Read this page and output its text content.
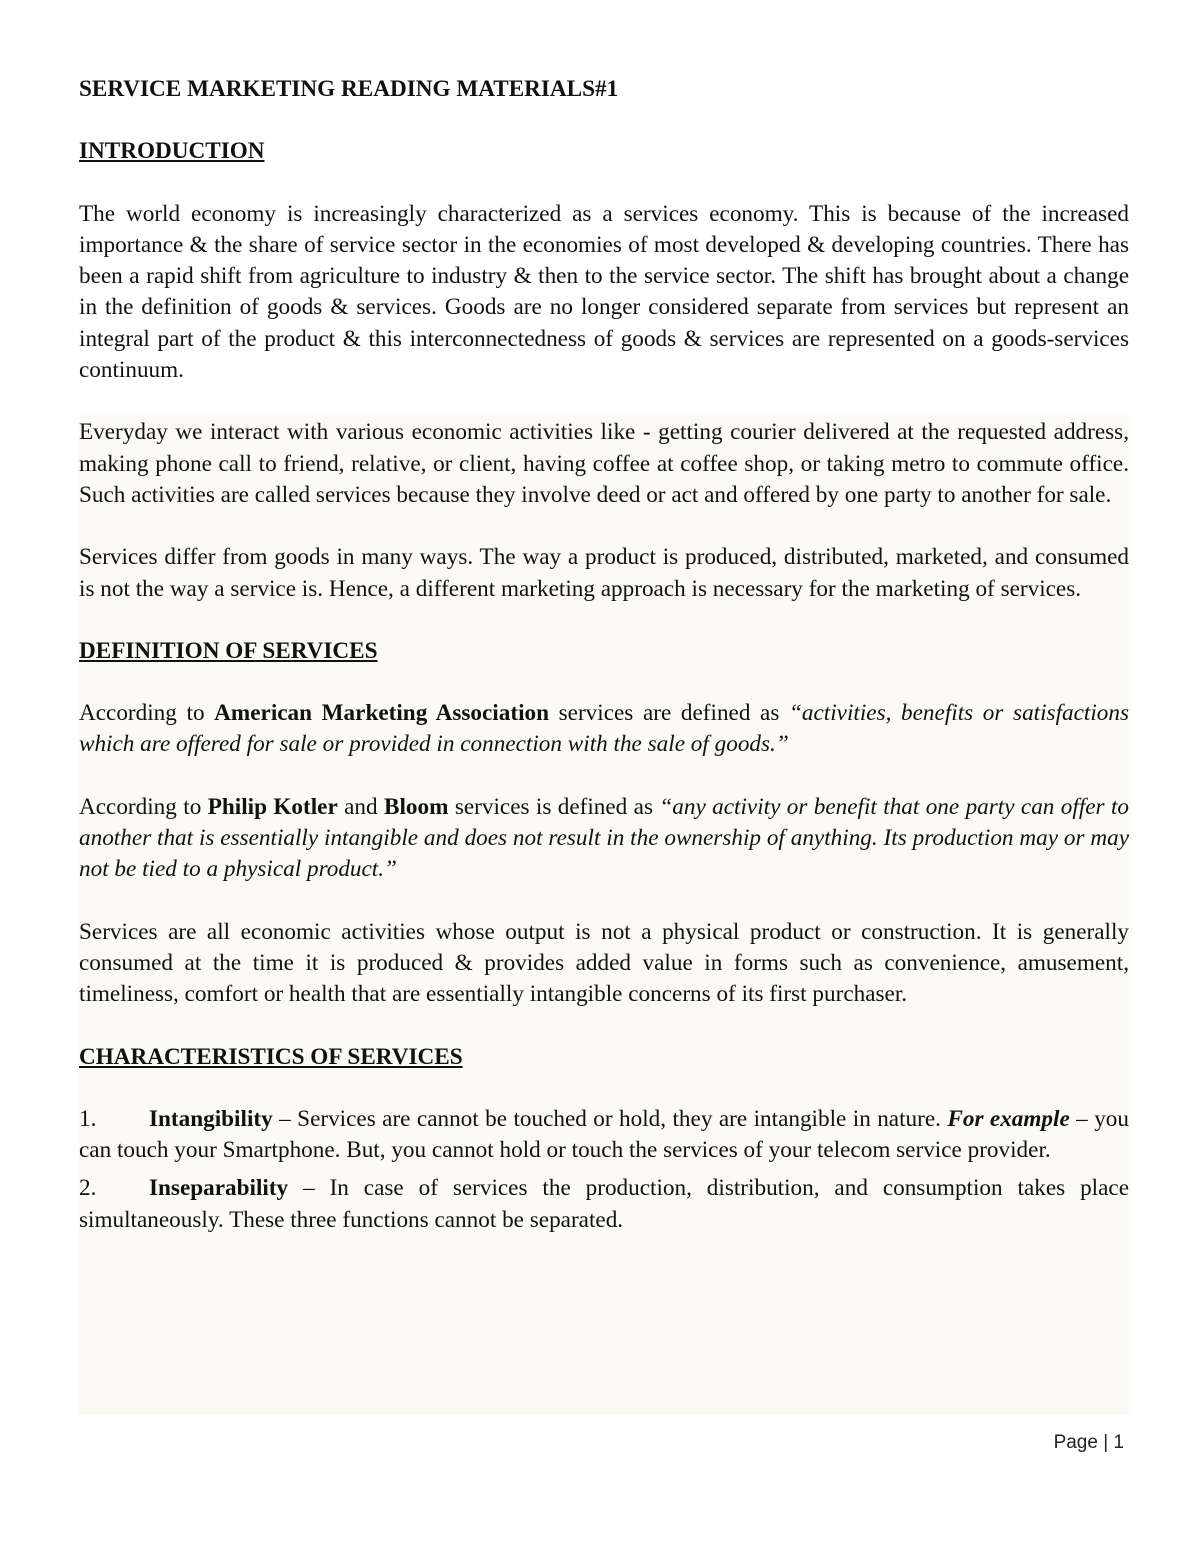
SERVICE MARKETING READING MATERIALS#1
INTRODUCTION

The world economy is increasingly characterized as a services economy. This is because of the increased importance & the share of service sector in the economies of most developed & developing countries. There has been a rapid shift from agriculture to industry & then to the service sector. The shift has brought about a change in the definition of goods & services. Goods are no longer considered separate from services but represent an integral part of the product & this interconnectedness of goods & services are represented on a goods-services continuum.

Everyday we interact with various economic activities like - getting courier delivered at the requested address, making phone call to friend, relative, or client, having coffee at coffee shop, or taking metro to commute office. Such activities are called services because they involve deed or act and offered by one party to another for sale.

Services differ from goods in many ways. The way a product is produced, distributed, marketed, and consumed is not the way a service is. Hence, a different marketing approach is necessary for the marketing of services.

DEFINITION OF SERVICES

According to American Marketing Association services are defined as “activities, benefits or satisfactions which are offered for sale or provided in connection with the sale of goods.”

According to Philip Kotler and Bloom services is defined as “any activity or benefit that one party can offer to another that is essentially intangible and does not result in the ownership of anything. Its production may or may not be tied to a physical product.”

Services are all economic activities whose output is not a physical product or construction. It is generally consumed at the time it is produced & provides added value in forms such as convenience, amusement, timeliness, comfort or health that are essentially intangible concerns of its first purchaser.

CHARACTERISTICS OF SERVICES
1. Intangibility – Services are cannot be touched or hold, they are intangible in nature. For example – you can touch your Smartphone. But, you cannot hold or touch the services of your telecom service provider.
2. Inseparability – In case of services the production, distribution, and consumption takes place simultaneously. These three functions cannot be separated.
Page | 1
